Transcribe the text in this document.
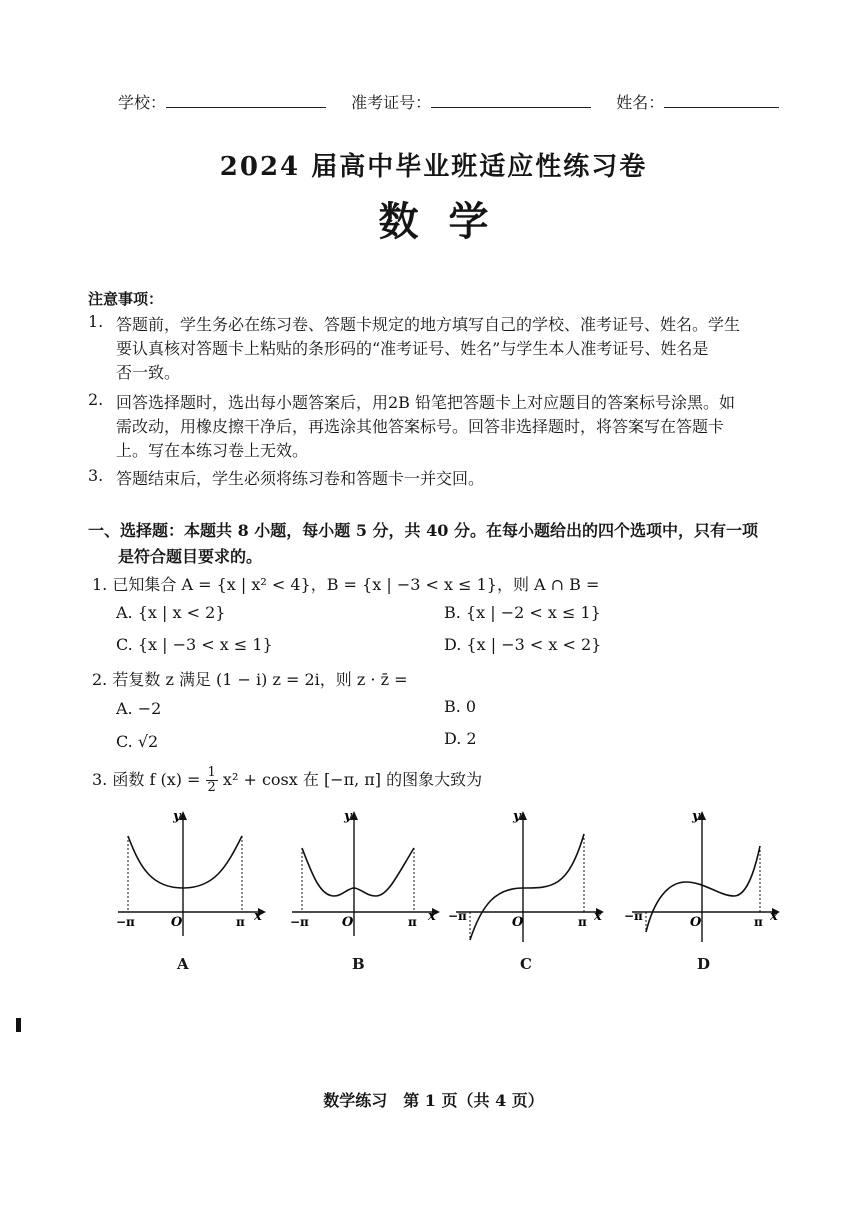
学校：	准考证号：	姓名：
2024 届高中毕业班适应性练习卷
数学
注意事项：
1. 答题前，学生务必在练习卷、答题卡规定的地方填写自己的学校、准考证号、姓名。学生
要认真核对答题卡上粘贴的条形码的“准考证号、姓名”与学生本人准考证号、姓名是
否一致。
2. 回答选择题时，选出每小题答案后，用2B 铅笔把答题卡上对应题目的答案标号涂黑。如
需改动，用橡皮擦干净后，再选涂其他答案标号。回答非选择题时，将答案写在答题卡
上。写在本练习卷上无效。
3. 答题结束后，学生必须将练习卷和答题卡一并交回。
一、选择题：本题共 8 小题，每小题 5 分，共 40 分。在每小题给出的四个选项中，只有一项
是符合题目要求的。
1. 已知集合 A = {x | x² < 4}，B = {x | −3 < x ≤ 1}，则 A ∩ B =
A. {x | x < 2}	B. {x | −2 < x ≤ 1}
C. {x | −3 < x ≤ 1}	D. {x | −3 < x < 2}
2. 若复数 z 满足 (1 − i) z = 2i，则 z · z̄ =
A. −2	B. 0
C. √2	D. 2
3. 函数 f $(x) = \frac{1}{2} x^2 + \cos x$ 在 [−π, π] 的图象大致为
y
x
O
−π	π
A
y
x
O
−π	π
B
y
x
O
−π	π
C
y
x
O
−π	π
D
数学练习　第 1 页（共 4 页）
